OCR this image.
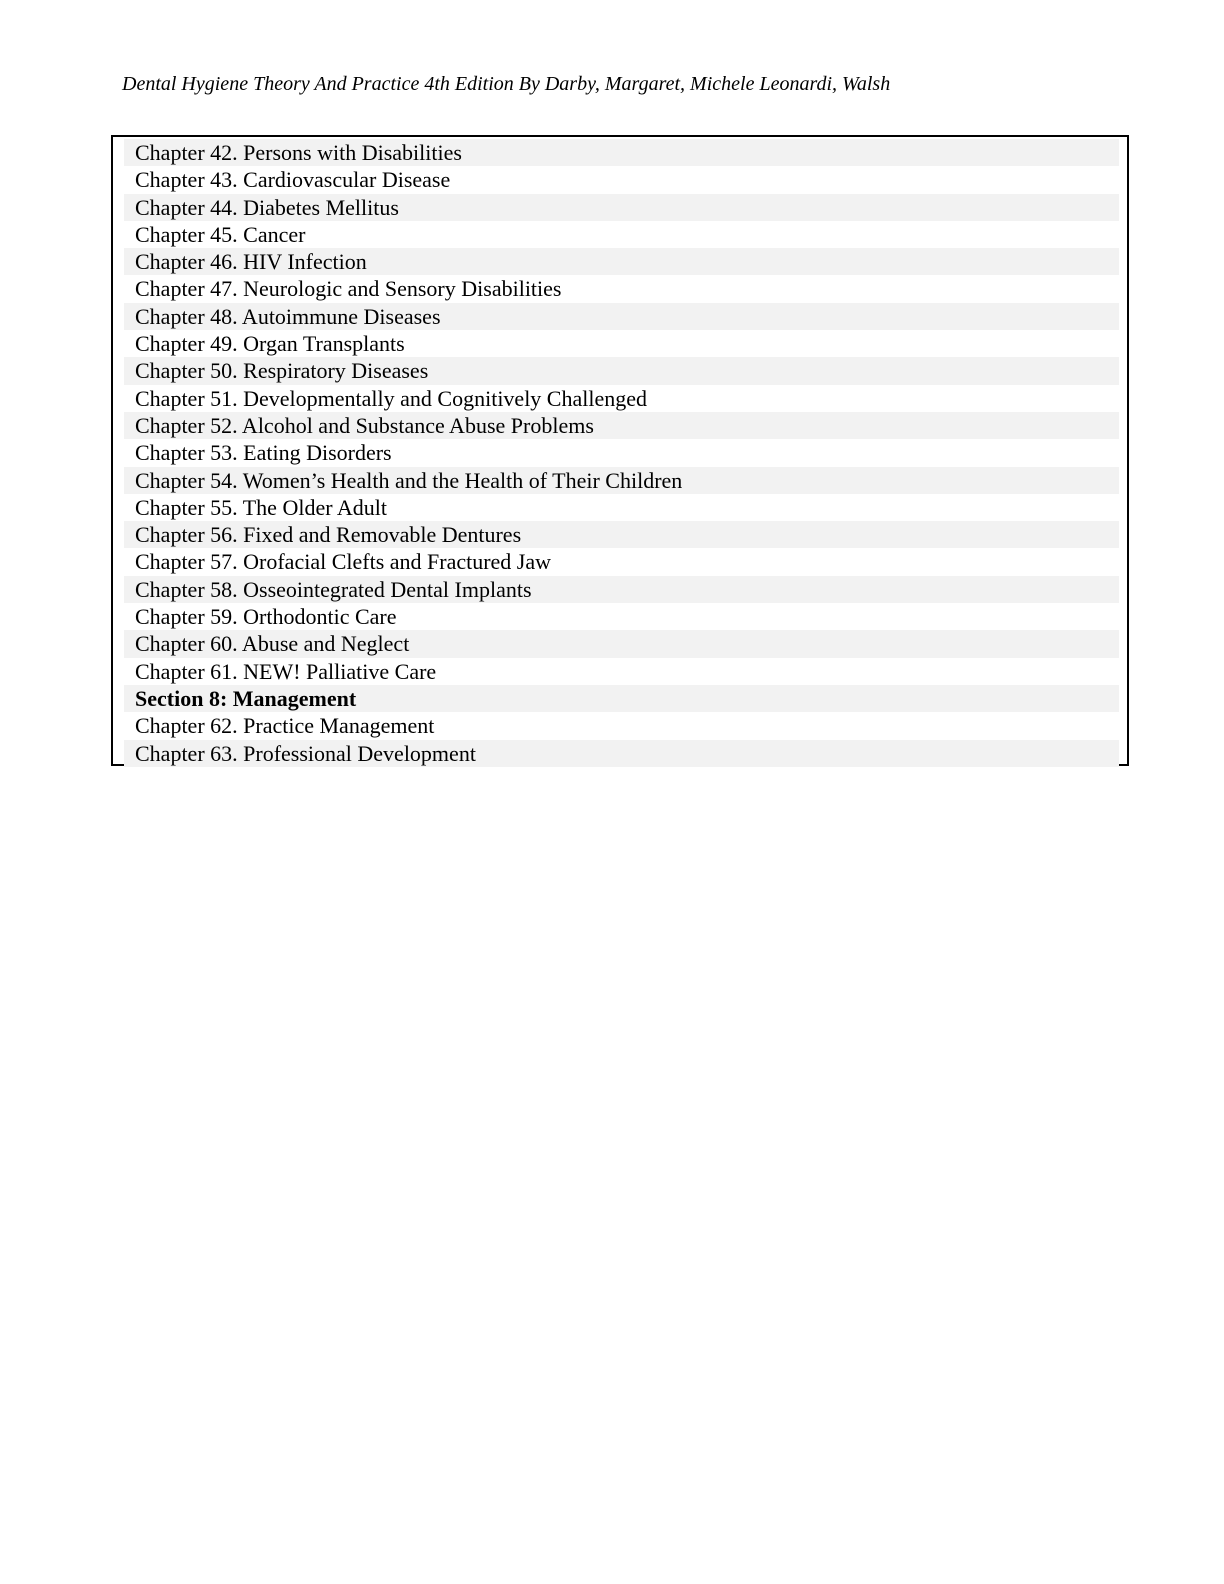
Dental Hygiene Theory And Practice 4th Edition By Darby, Margaret, Michele Leonardi, Walsh
Chapter 42. Persons with Disabilities
Chapter 43. Cardiovascular Disease
Chapter 44. Diabetes Mellitus
Chapter 45. Cancer
Chapter 46. HIV Infection
Chapter 47. Neurologic and Sensory Disabilities
Chapter 48. Autoimmune Diseases
Chapter 49. Organ Transplants
Chapter 50. Respiratory Diseases
Chapter 51. Developmentally and Cognitively Challenged
Chapter 52. Alcohol and Substance Abuse Problems
Chapter 53. Eating Disorders
Chapter 54. Women’s Health and the Health of Their Children
Chapter 55. The Older Adult
Chapter 56. Fixed and Removable Dentures
Chapter 57. Orofacial Clefts and Fractured Jaw
Chapter 58. Osseointegrated Dental Implants
Chapter 59. Orthodontic Care
Chapter 60. Abuse and Neglect
Chapter 61. NEW! Palliative Care
Section 8: Management
Chapter 62. Practice Management
Chapter 63. Professional Development
